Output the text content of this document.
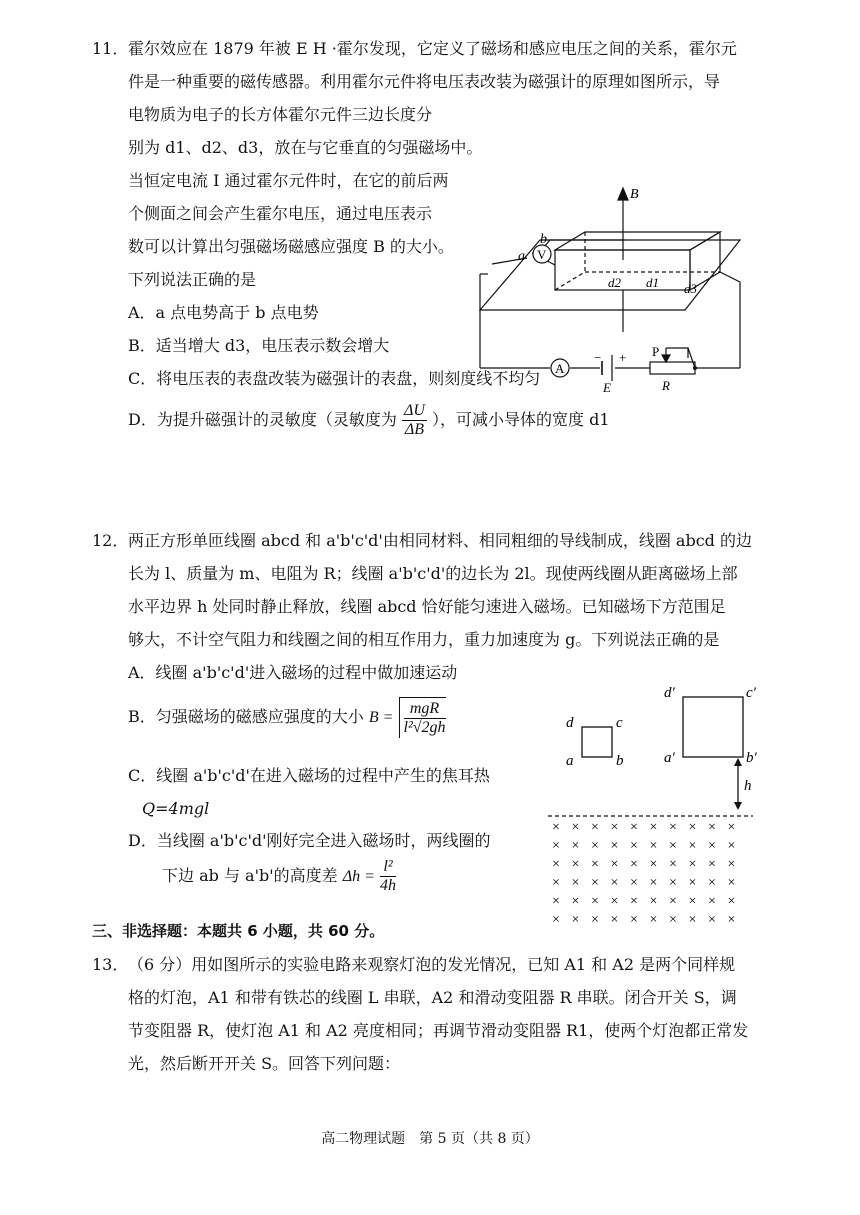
11． 霍尔效应在 1879 年被 E H ·霍尔发现，它定义了磁场和感应电压之间的关系，霍尔元
件是一种重要的磁传感器。利用霍尔元件将电压表改装为磁强计的原理如图所示，导
电物质为电子的长方体霍尔元件三边长度分
别为 d1、d2、d3，放在与它垂直的匀强磁场中。
当恒定电流 I 通过霍尔元件时，在它的前后两
个侧面之间会产生霍尔电压，通过电压表示
数可以计算出匀强磁场磁感应强度 B 的大小。
下列说法正确的是
A．a 点电势高于 b 点电势
B．适当增大 d3，电压表示数会增大
C．将电压表的表盘改装为磁强计的表盘，则刻度线不均匀
D．为提升磁强计的灵敏度（灵敏度为 $\frac{\Delta U}{\Delta B}$ ），可减小导体的宽度 d1
V
A
B
b
a
d2 d1 d3
− + P
R
E
12． 两正方形单匝线圈 abcd 和 a'b'c'd'由相同材料、相同粗细的导线制成，线圈 abcd 的边
长为 l、质量为 m、电阻为 R；线圈 a'b'c'd'的边长为 2l。现使两线圈从距离磁场上部
水平边界 h 处同时静止释放，线圈 abcd 恰好能匀速进入磁场。已知磁场下方范围足
够大，不计空气阻力和线圈之间的相互作用力，重力加速度为 g。下列说法正确的是
A．线圈 a'b'c'd'进入磁场的过程中做加速运动
B．匀强磁场的磁感应强度的大小 $B = \frac{\text{mgR}}{\text{l²√2gh}}$
C．线圈 a'b'c'd'在进入磁场的过程中产生的焦耳热
Q=4mgl
D．当线圈 a'b'c'd'刚好完全进入磁场时，两线圈的
下边 ab 与 a'b'的高度差 $\Delta h = \frac{\text{l²}}{4h}$
d	c
a	b
d′	c′
a′	b′
h
× × × × × × × × × ×
× × × × × × × × × ×
× × × × × × × × × ×
× × × × × × × × × ×
× × × × × × × × × ×
× × × × × × × × × ×
三、非选择题：本题共 6 小题，共 60 分。
13． （6 分）用如图所示的实验电路来观察灯泡的发光情况，已知 A1 和 A2 是两个同样规
格的灯泡，A1 和带有铁芯的线圈 L 串联，A2 和滑动变阻器 R 串联。闭合开关 S，调
节变阻器 R，使灯泡 A1 和 A2 亮度相同；再调节滑动变阻器 R1，使两个灯泡都正常发
光，然后断开开关 S。回答下列问题：
高二物理试题　第 5 页（共 8 页）
